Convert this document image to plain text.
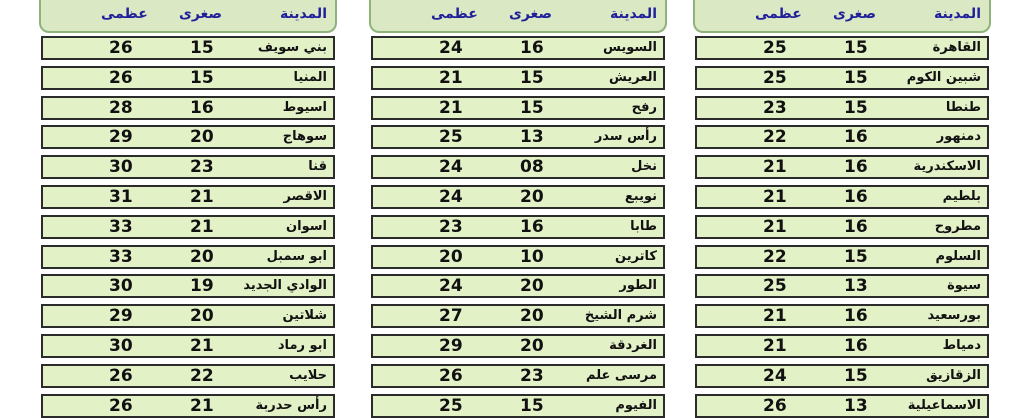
المدينة
صغرى
عظمى
القاهرة
15
25
شبين الكوم
15
25
طنطا
15
23
دمنهور
16
22
الاسكندرية
16
21
بلطيم
16
21
مطروح
16
21
السلوم
15
22
سيوة
13
25
بورسعيد
16
21
دمياط
16
21
الزقازيق
15
24
الاسماعيلية
13
26
المدينة
صغرى
عظمى
السويس
16
24
العريش
15
21
رفح
15
21
رأس سدر
13
25
نخل
08
24
نويبع
20
24
طابا
16
23
كاترين
10
20
الطور
20
24
شرم الشيخ
20
27
الغردقة
20
29
مرسى علم
23
26
الفيوم
15
25
المدينة
صغرى
عظمى
بني سويف
15
26
المنيا
15
26
اسيوط
16
28
سوهاج
20
29
قنا
23
30
الاقصر
21
31
اسوان
21
33
ابو سمبل
20
33
الوادي الجديد
19
30
شلاتين
20
29
ابو رماد
21
30
حلايب
22
26
رأس حدربة
21
26
